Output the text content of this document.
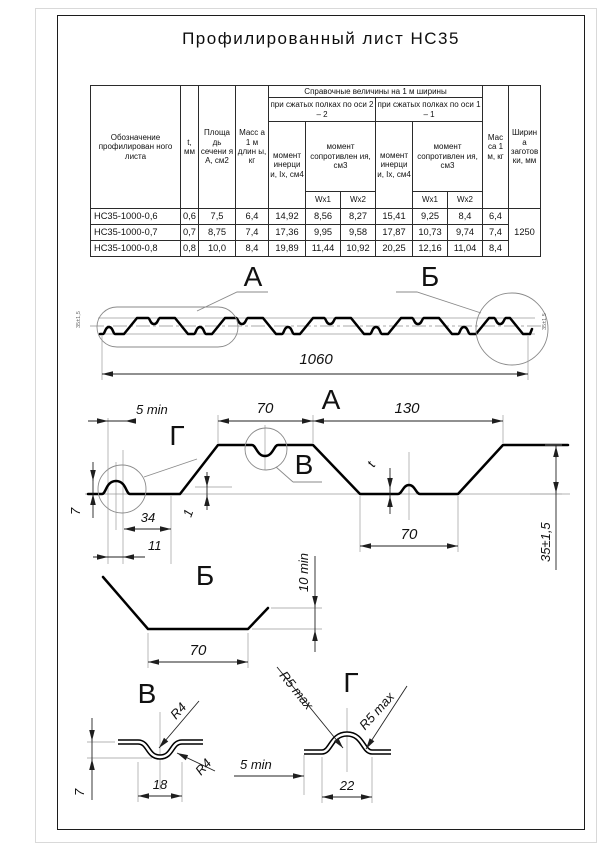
Профилированный лист НС35
Обозначение профилирован ного листа	t, мм	Площа дь сечени я А, см2	Масс а 1 м длин ы, кг	Справочные величины на 1 м ширины						Мас са 1 м, кг	Ширина заготов ки, мм
				при сжатых полках по оси 2 – 2			при сжатых полках по оси 1 – 1				
				момент инерци и, Ix, см4	момент сопротивлен ия, см3		момент инерци и, Ix, см4	момент сопротивлен ия, см3			
					Wx1	Wx2		Wx1	Wx2		
НС35-1000-0,6	0,6	7,5	6,4	14,92	8,56	8,27	15,41	9,25	8,4	6,4	1250
НС35-1000-0,7	0,7	8,75	7,4	17,36	9,95	9,58	17,87	10,73	9,74	7,4	
НС35-1000-0,8	0,8	10,0	8,4	19,89	11,44	10,92	20,25	12,16	11,04	8,4	
А	Б
35±1,5	35±1,5
1060
А
5 min	70	130
Г
В
7	34 1
11
t
70	35±1,5
Б
70
10 min
В
R4
R4
18
7
Г
R5 max	R5 max
5 min
22
